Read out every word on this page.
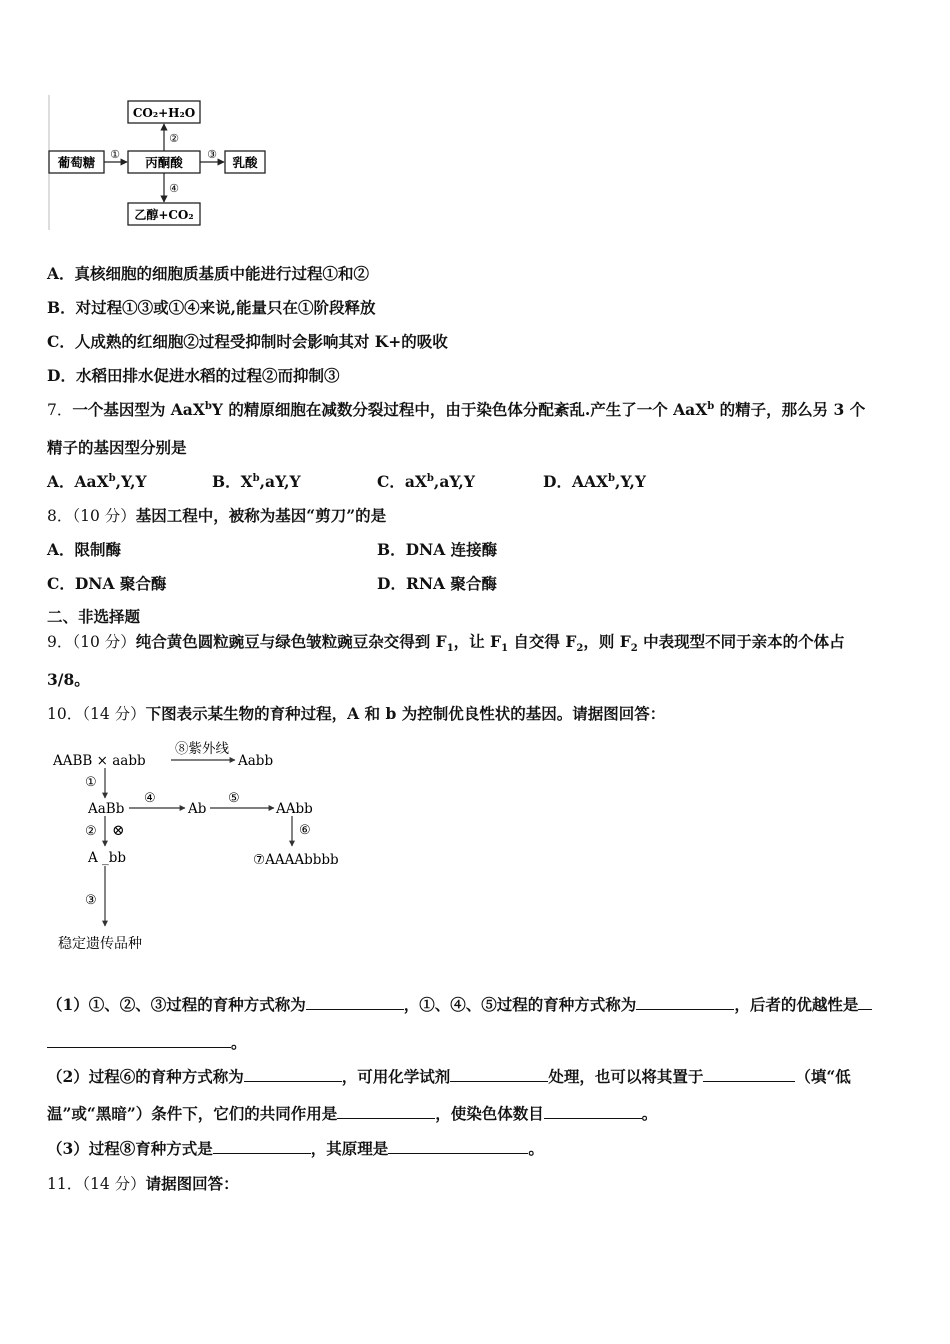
CO₂+H₂O
葡萄糖	丙酮酸	乳酸
乙醇+CO₂
①
②
③
④
A．真核细胞的细胞质基质中能进行过程①和②
B．对过程①③或①④来说,能量只在①阶段释放
C．人成熟的红细胞②过程受抑制时会影响其对 K+的吸收
D．水稻田排水促进水稻的过程②而抑制③
7．一个基因型为 AaX$^b$Y 的精原细胞在减数分裂过程中，由于染色体分配紊乱.产生了一个 AaX$^b$ 的精子，那么另 3 个
精子的基因型分别是
A．AaX$^b$,Y,Y	B．$X^b,aY,Y$	C．$aX^b,aY,Y$	D．AAX$^b$,Y,Y
8．（10 分）基因工程中，被称为基因“剪刀”的是
A．限制酶	B．DNA 连接酶
C．DNA 聚合酶	D．RNA 聚合酶
二、非选择题
9．（10 分）纯合黄色圆粒豌豆与绿色皱粒豌豆杂交得到 $F_1$，让 $F_1$ 自交得 $F_2$，则 $F_2$ 中表现型不同于亲本的个体占
3/8。
10．（14 分）下图表示某生物的育种过程，A 和 b 为控制优良性状的基因。请据图回答：
AABB × aabb
⑧紫外线
Aabb
①
AaBb
④
Ab
⑤
AAbb
② ⊗	⑥
A _bb	⑦AAAAbbbb
③
稳定遗传品种
（1）①、②、③过程的育种方式称为	，①、④、⑤过程的育种方式称为	，后者的优越性是
。
（2）过程⑥的育种方式称为	，可用化学试剂	处理，也可以将其置于	（填“低
温”或“黑暗”）条件下，它们的共同作用是	，使染色体数目	。
（3）过程⑧育种方式是	，其原理是	。
11．（14 分）请据图回答：
